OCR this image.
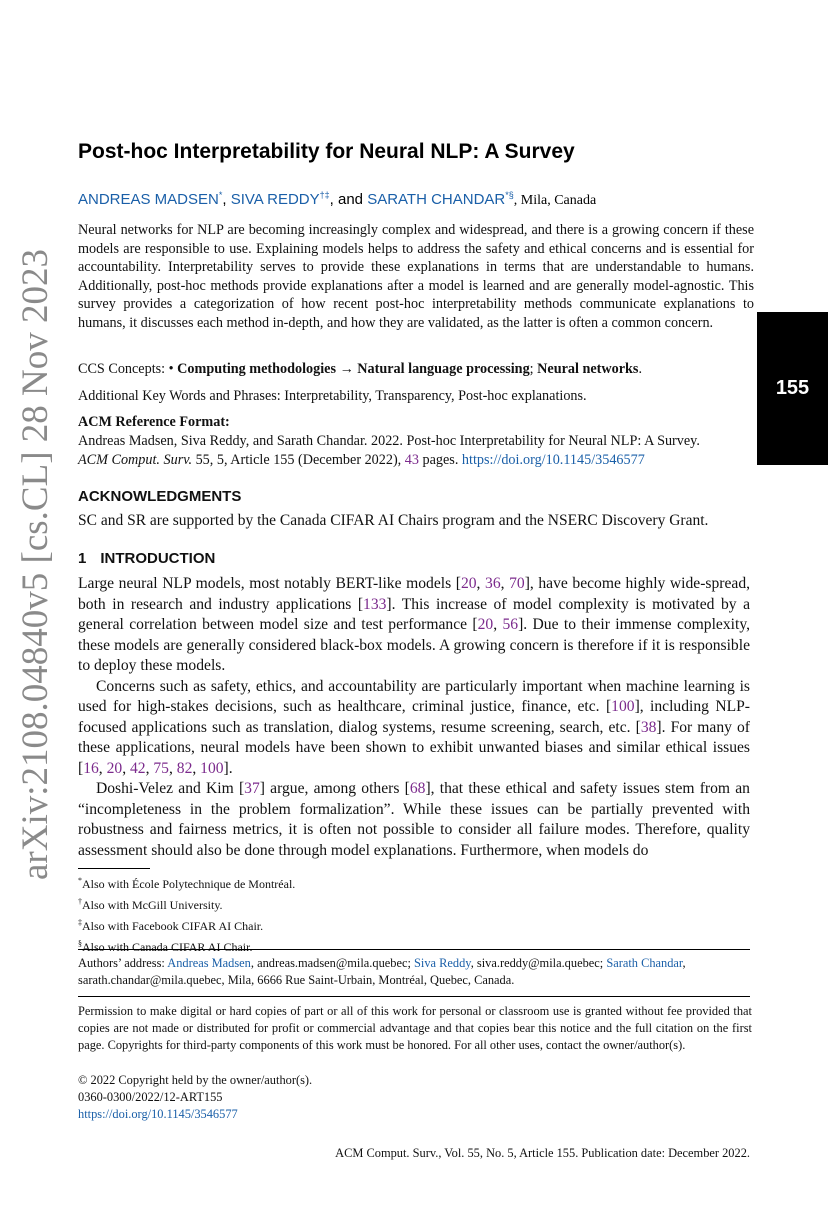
arXiv:2108.04840v5 [cs.CL] 28 Nov 2023	155
Post-hoc Interpretability for Neural NLP: A Survey
ANDREAS MADSEN*, SIVA REDDY†‡, and SARATH CHANDAR*§, Mila, Canada
Neural networks for NLP are becoming increasingly complex and widespread, and there is a growing concern if these models are responsible to use. Explaining models helps to address the safety and ethical concerns and is essential for accountability. Interpretability serves to provide these explanations in terms that are understandable to humans. Additionally, post-hoc methods provide explanations after a model is learned and are generally model-agnostic. This survey provides a categorization of how recent post-hoc interpretability methods communicate explanations to humans, it discusses each method in-depth, and how they are validated, as the latter is often a common concern.
CCS Concepts: • Computing methodologies → Natural language processing; Neural networks.
Additional Key Words and Phrases: Interpretability, Transparency, Post-hoc explanations.
ACM Reference Format:
Andreas Madsen, Siva Reddy, and Sarath Chandar. 2022. Post-hoc Interpretability for Neural NLP: A Survey.
ACM Comput. Surv. 55, 5, Article 155 (December 2022), 43 pages. https://doi.org/10.1145/3546577
ACKNOWLEDGMENTS
SC and SR are supported by the Canada CIFAR AI Chairs program and the NSERC Discovery Grant.
1 INTRODUCTION

Large neural NLP models, most notably BERT-like models [20, 36, 70], have become highly wide-spread, both in research and industry applications [133]. This increase of model complexity is motivated by a general correlation between model size and test performance [20, 56]. Due to their immense complexity, these models are generally considered black-box models. A growing concern is therefore if it is responsible to deploy these models.

Concerns such as safety, ethics, and accountability are particularly important when machine learning is used for high-stakes decisions, such as healthcare, criminal justice, finance, etc. [100], including NLP-focused applications such as translation, dialog systems, resume screening, search, etc. [38]. For many of these applications, neural models have been shown to exhibit unwanted biases and similar ethical issues [16, 20, 42, 75, 82, 100].

Doshi-Velez and Kim [37] argue, among others [68], that these ethical and safety issues stem from an “incompleteness in the problem formalization”. While these issues can be partially prevented with robustness and fairness metrics, it is often not possible to consider all failure modes. Therefore, quality assessment should also be done through model explanations. Furthermore, when models do

*Also with École Polytechnique de Montréal.
†Also with McGill University.
‡Also with Facebook CIFAR AI Chair.
§Also with Canada CIFAR AI Chair.
Authors’ address: Andreas Madsen, andreas.madsen@mila.quebec; Siva Reddy, siva.reddy@mila.quebec; Sarath Chandar, sarath.chandar@mila.quebec, Mila, 6666 Rue Saint-Urbain, Montréal, Quebec, Canada.
Permission to make digital or hard copies of part or all of this work for personal or classroom use is granted without fee provided that copies are not made or distributed for profit or commercial advantage and that copies bear this notice and the full citation on the first page. Copyrights for third-party components of this work must be honored. For all other uses, contact the owner/author(s).
© 2022 Copyright held by the owner/author(s).
0360-0300/2022/12-ART155
https://doi.org/10.1145/3546577
ACM Comput. Surv., Vol. 55, No. 5, Article 155. Publication date: December 2022.
